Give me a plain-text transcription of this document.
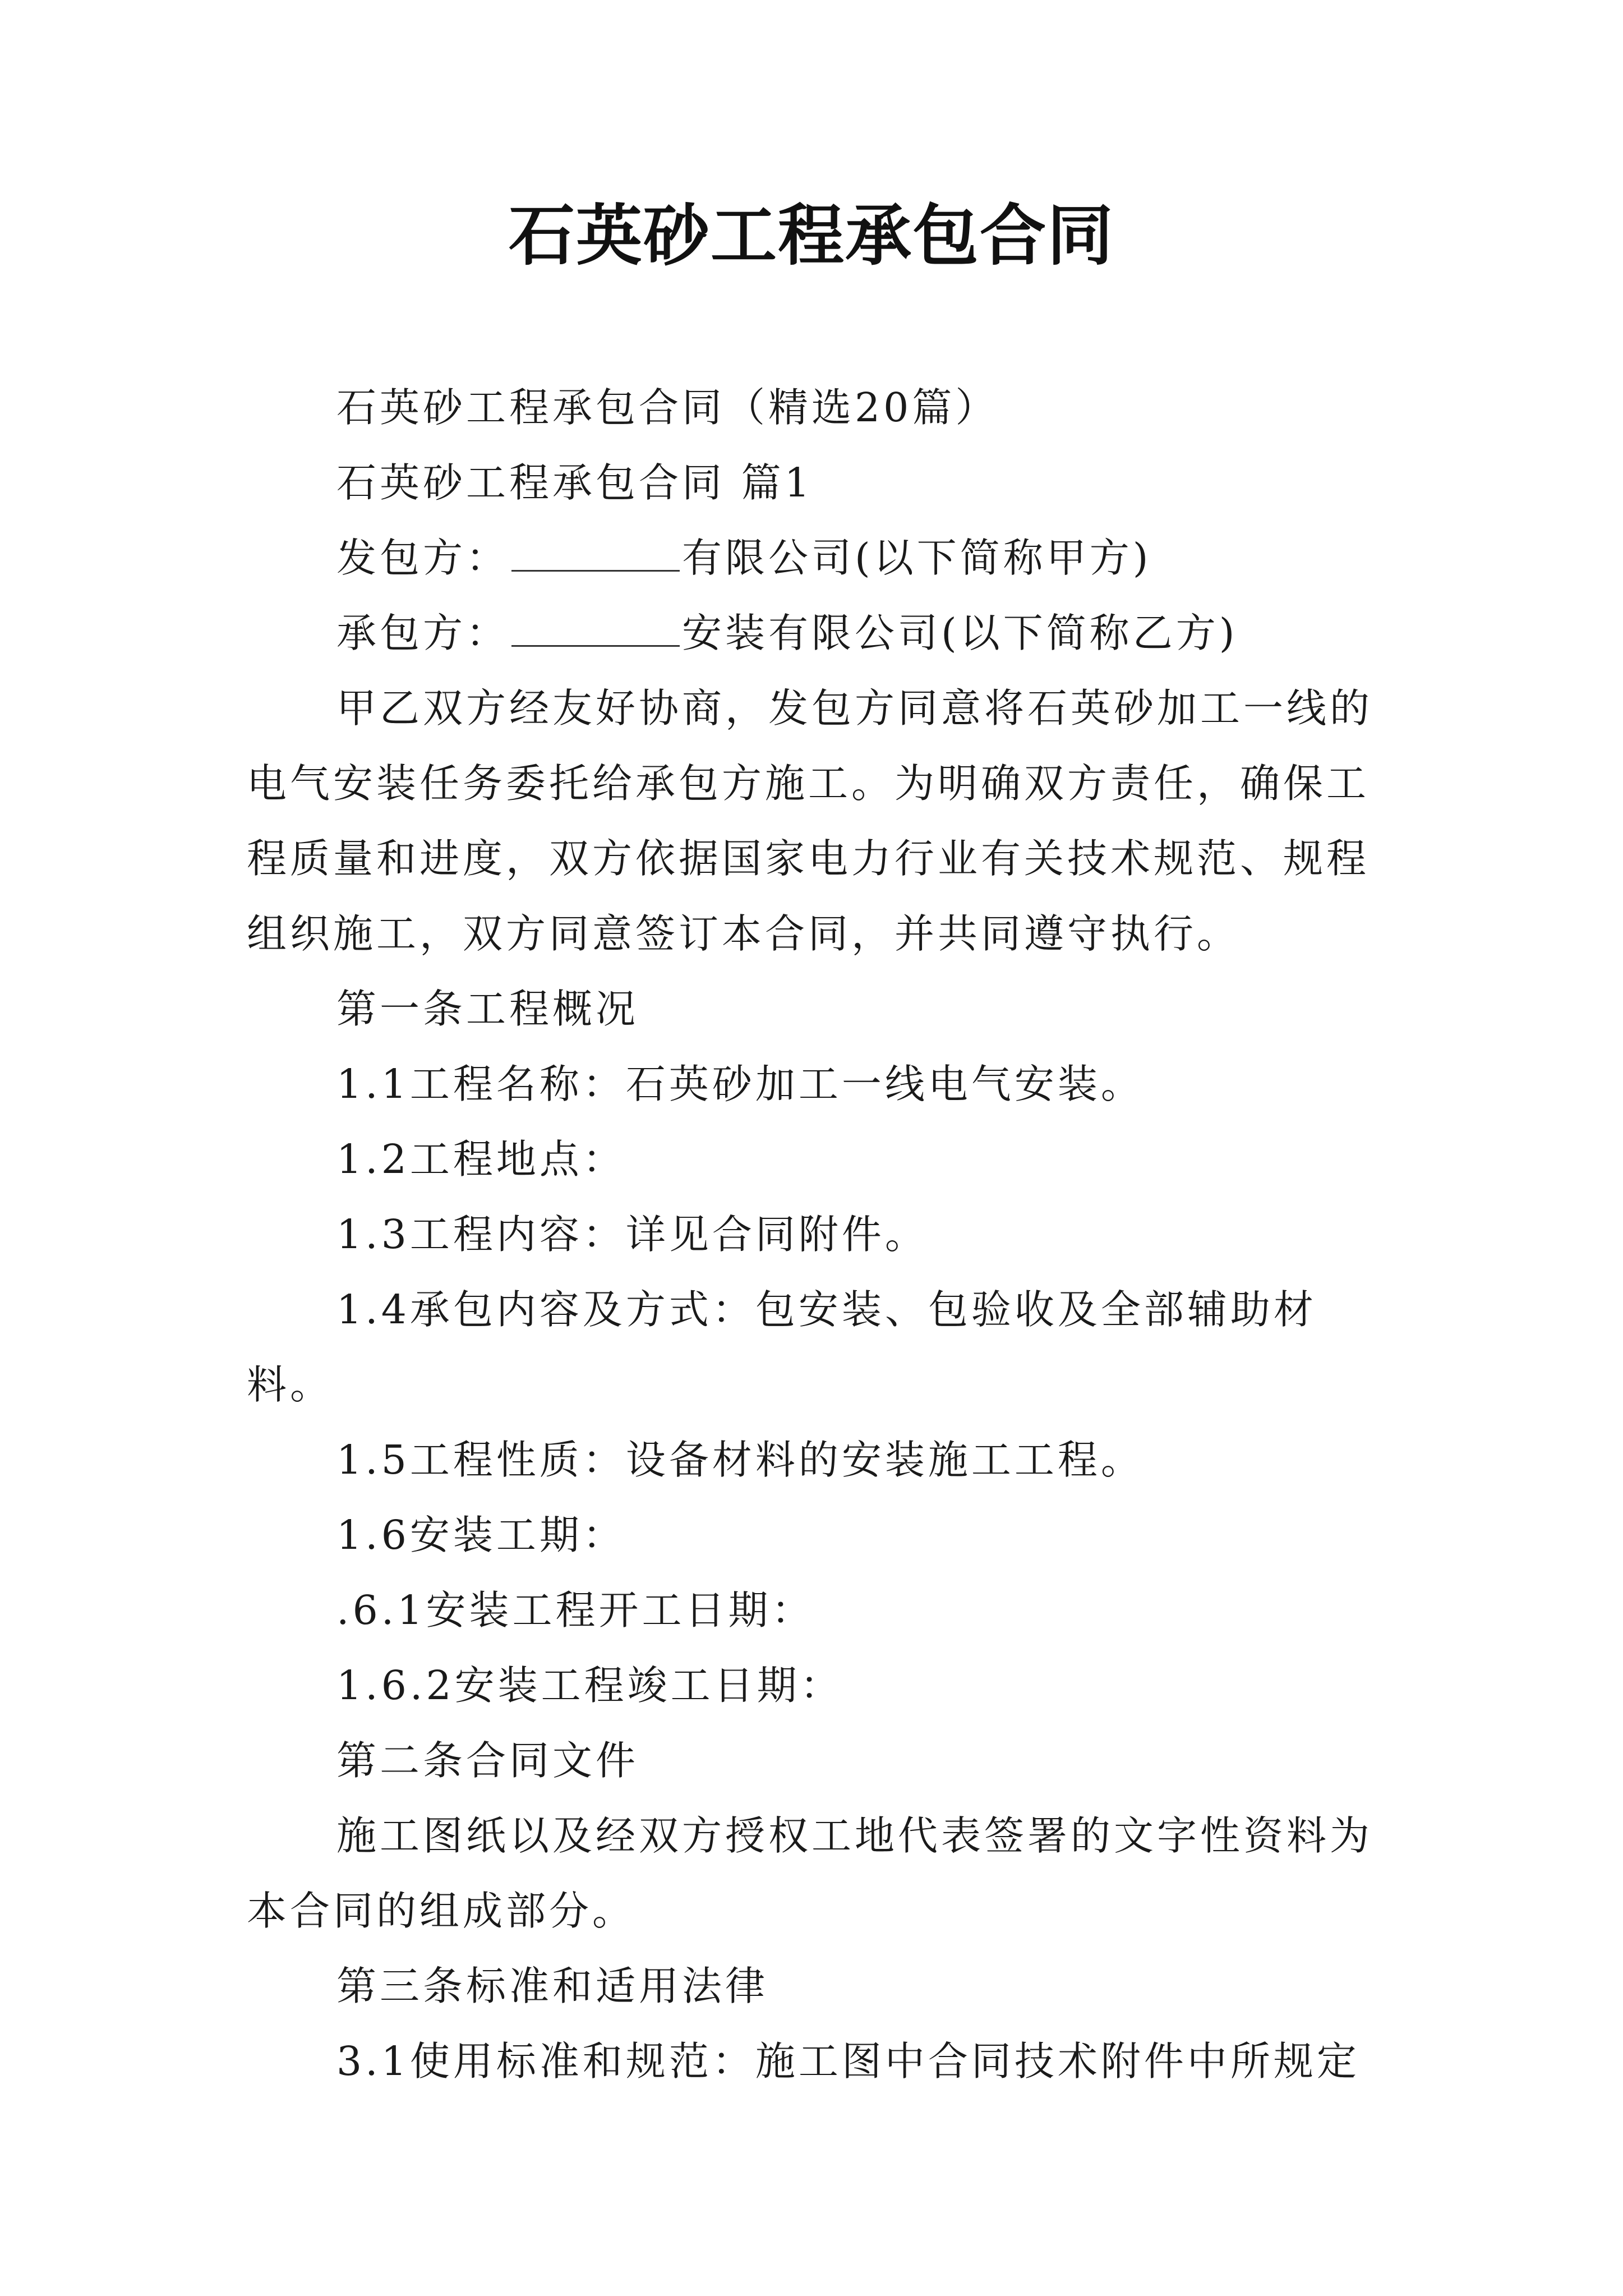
石英砂工程承包合同

石英砂工程承包合同（精选20篇）

石英砂工程承包合同 篇1

发包方：	有限公司(以下简称甲方)

承包方：	安装有限公司(以下简称乙方)

甲乙双方经友好协商，发包方同意将石英砂加工一线的电气安装任务委托给承包方施工。为明确双方责任，确保工程质量和进度，双方依据国家电力行业有关技术规范、规程组织施工，双方同意签订本合同，并共同遵守执行。

第一条工程概况

1.1工程名称：石英砂加工一线电气安装。

1.2工程地点：

1.3工程内容：详见合同附件。

1.4承包内容及方式：包安装、包验收及全部辅助材料。

1.5工程性质：设备材料的安装施工工程。

1.6安装工期：

.6.1安装工程开工日期：

1.6.2安装工程竣工日期：

第二条合同文件

施工图纸以及经双方授权工地代表签署的文字性资料为本合同的组成部分。

第三条标准和适用法律

3.1使用标准和规范：施工图中合同技术附件中所规定
